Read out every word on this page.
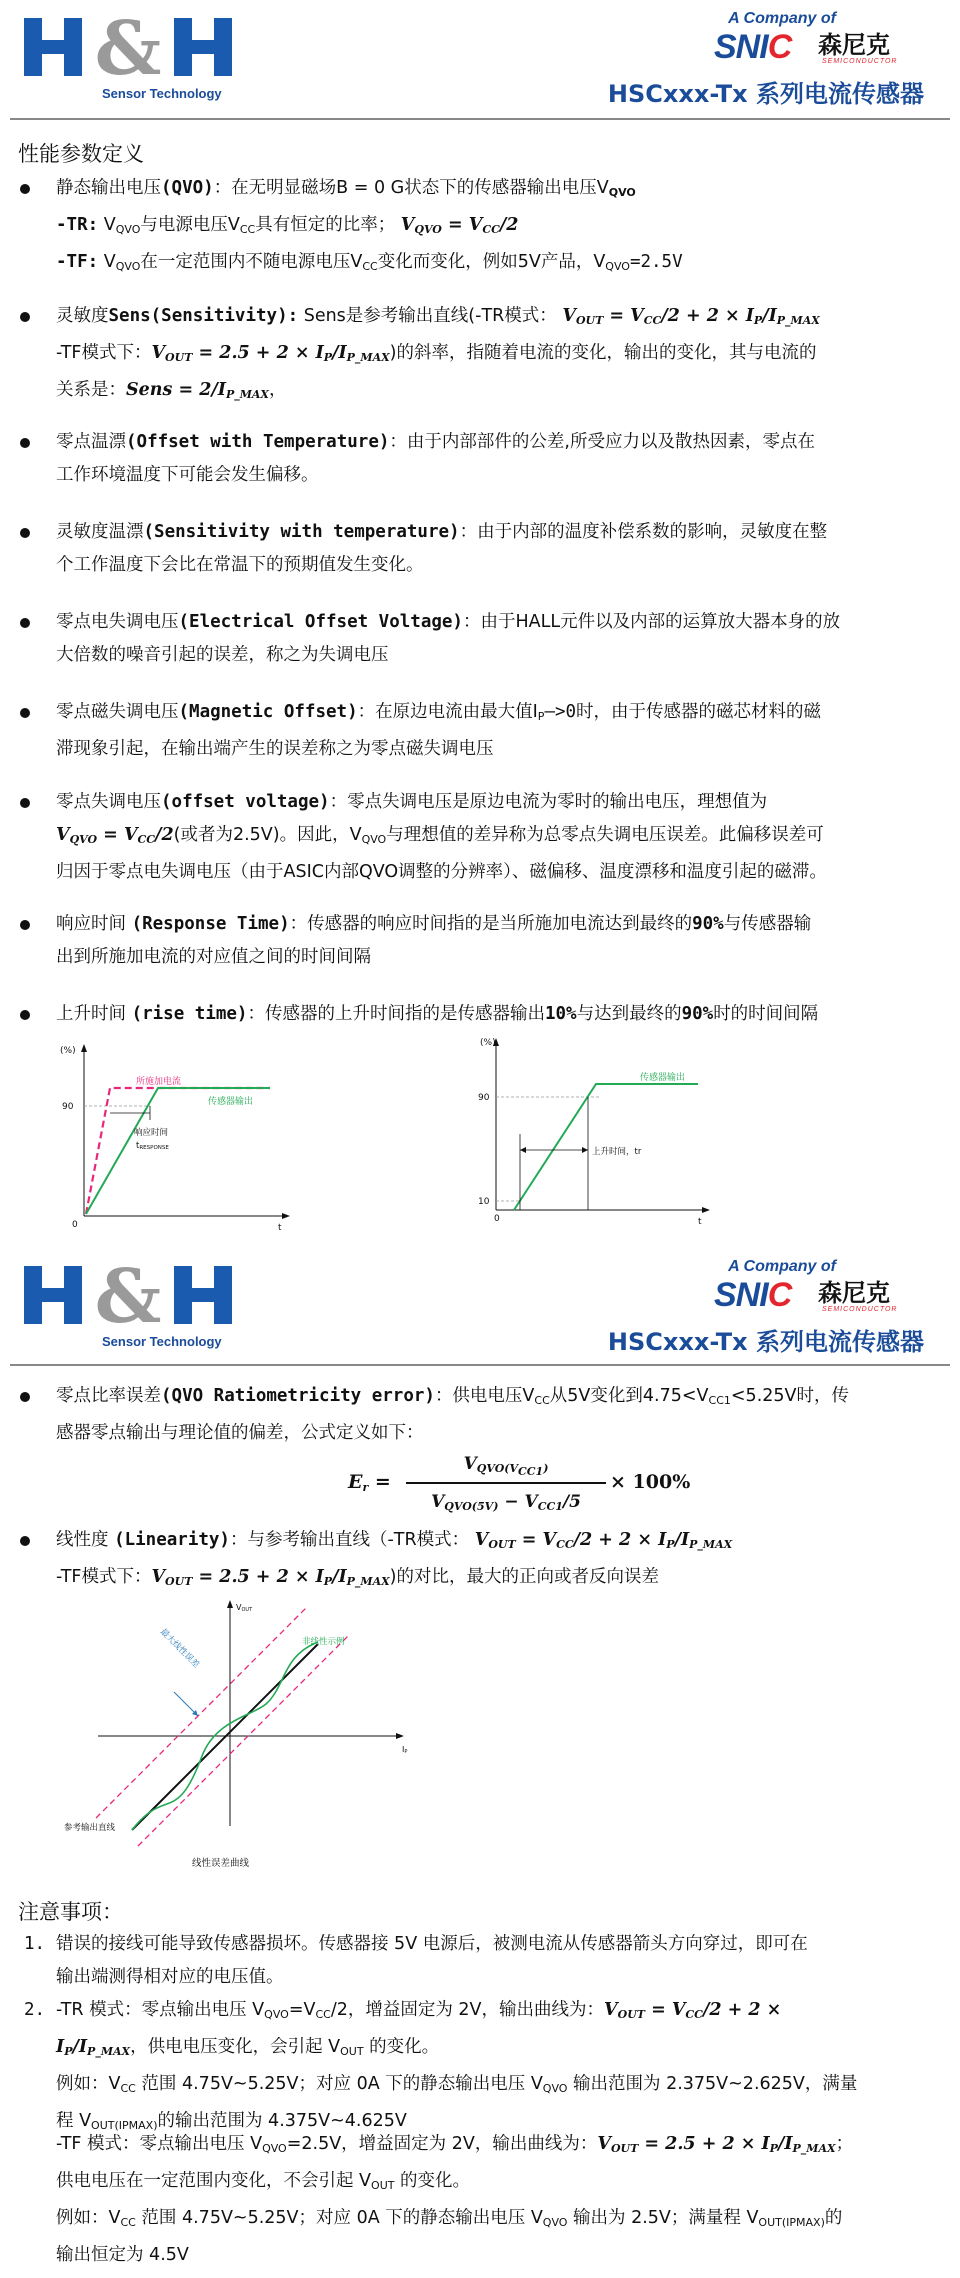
&
Sensor Technology
A Company of
SNIC 森尼克
SEMICONDUCTOR
HSCxxx-Tx 系列电流传感器
性能参数定义
静态输出电压(QVO)：在无明显磁场B = 0 G状态下的传感器输出电压$V_{QVO}$
-TR: $V_{QVO}$与电源电压$V_{CC}$具有恒定的比率； $V_{QVO} = V_{CC}/2$
-TF: $V_{QVO}$在一定范围内不随电源电压$V_{CC}$变化而变化，例如5V产品，$V_{QVO}=2.5V$
灵敏度Sens(Sensitivity): Sens是参考输出直线(-TR模式： $V_{OUT} = V_{CC}/2 + 2 \times I_P/I_{P\_MAX}$
-TF模式下：$V_{OUT} = 2.5 + 2 \times I_P/I_{P\_MAX}$)的斜率，指随着电流的变化，输出的变化，其与电流的
关系是：Sens = $2/I_{P\_MAX}$，
零点温漂(Offset with Temperature)：由于内部部件的公差,所受应力以及散热因素，零点在
工作环境温度下可能会发生偏移。
灵敏度温漂(Sensitivity with temperature)：由于内部的温度补偿系数的影响，灵敏度在整
个工作温度下会比在常温下的预期值发生变化。
零点电失调电压(Electrical Offset Voltage)：由于HALL元件以及内部的运算放大器本身的放
大倍数的噪音引起的误差，称之为失调电压
零点磁失调电压(Magnetic Offset)：在原边电流由最大值$I_P—>0$时，由于传感器的磁芯材料的磁
滞现象引起，在输出端产生的误差称之为零点磁失调电压
零点失调电压(offset voltage)：零点失调电压是原边电流为零时的输出电压，理想值为
$V_{QVO} = V_{CC}/2$(或者为2.5V)。因此，$V_{QVO}$与理想值的差异称为总零点失调电压误差。此偏移误差可
归因于零点电失调电压（由于ASIC内部QVO调整的分辨率）、磁偏移、温度漂移和温度引起的磁滞。
响应时间 (Response Time)：传感器的响应时间指的是当所施加电流达到最终的90%与传感器输
出到所施加电流的对应值之间的时间间隔
上升时间 (rise time)：传感器的上升时间指的是传感器输出10%与达到最终的90%时的时间间隔
(%)
90
0	t
所施加电流
传感器输出
响应时间
tRESPONSE
(%)
90
10
0	t
传感器输出
上升时间，tr
&
Sensor Technology
A Company of
SNIC 森尼克
SEMICONDUCTOR
HSCxxx-Tx 系列电流传感器
零点比率误差(QVO Ratiometricity error)：供电电压$V_{CC}$从5V变化到$4.75<V_{CC1}<5.25V$时，传
感器零点输出与理论值的偏差，公式定义如下：
$E_r$ =
$V_{QVO(V_{CC1})}$
$V_{QVO(5V)} - V_{CC1}/5$
× 100%
线性度 (Linearity)：与参考输出直线（-TR模式： $V_{OUT} = V_{CC}/2 + 2 \times I_P/I_{P\_MAX}$
-TF模式下：$V_{OUT} = 2.5 + 2 \times I_P/I_{P\_MAX}$)的对比，最大的正向或者反向误差
VOUT
IP
最大线性误差	非线性示例
参考输出直线
线性误差曲线
注意事项：
1. 错误的接线可能导致传感器损坏。传感器接 5V 电源后，被测电流从传感器箭头方向穿过，即可在
输出端测得相对应的电压值。
2. -TR 模式：零点输出电压 $V_{QVO}=V_{CC}/2$，增益固定为 2V，输出曲线为：$V_{OUT} = V_{CC}/2 + 2$ ×
$I_P/I_{P\_MAX}$，供电电压变化，会引起 $V_{OUT}$ 的变化。
例如：$V_{CC}$ 范围 4.75V~5.25V；对应 0A 下的静态输出电压 $V_{QVO}$ 输出范围为 2.375V~2.625V，满量
程 $V_{OUT(IPMAX)}$的输出范围为 4.375V~4.625V
-TF 模式：零点输出电压 $V_{QVO}=2.5V$，增益固定为 2V，输出曲线为：$V_{OUT} = 2.5 + 2 \times I_P/I_{P\_MAX}$；
供电电压在一定范围内变化，不会引起 $V_{OUT}$ 的变化。
例如：$V_{CC}$ 范围 4.75V~5.25V；对应 0A 下的静态输出电压 $V_{QVO}$ 输出为 2.5V；满量程 $V_{OUT(IPMAX)}$的
输出恒定为 4.5V
